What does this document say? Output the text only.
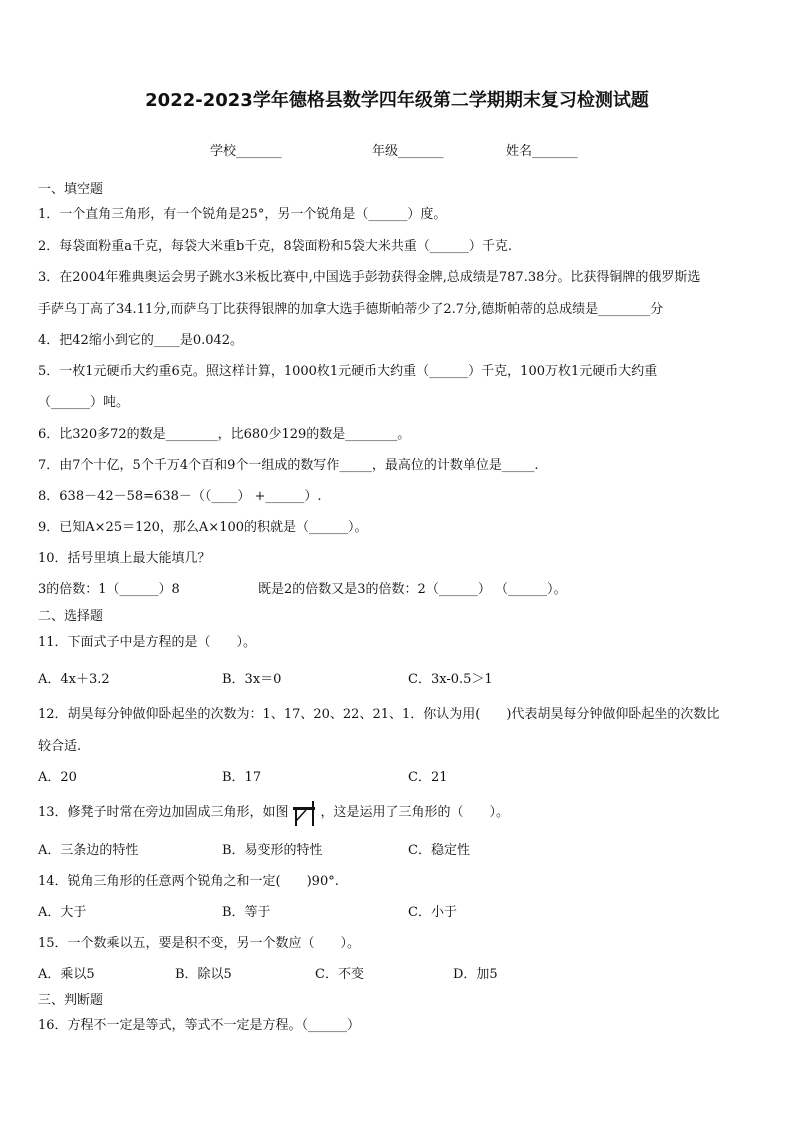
2022-2023学年德格县数学四年级第二学期期末复习检测试题
学校_______	年级_______	姓名_______
一、填空题
1．一个直角三角形，有一个锐角是25°，另一个锐角是（______）度。
2．每袋面粉重a千克，每袋大米重b千克，8袋面粉和5袋大米共重（______）千克.
3．在2004年雅典奥运会男子跳水3米板比赛中,中国选手彭勃获得金牌,总成绩是787.38分。比获得铜牌的俄罗斯选
手萨乌丁高了34.11分,而萨乌丁比获得银牌的加拿大选手德斯帕蒂少了2.7分,德斯帕蒂的总成绩是________分
4．把42缩小到它的____是0.042。
5．一枚1元硬币大约重6克。照这样计算，1000枚1元硬币大约重（______）千克，100万枚1元硬币大约重
（______）吨。
6．比320多72的数是________，比680少129的数是________。
7．由7个十亿，5个千万4个百和9个一组成的数写作_____，最高位的计数单位是_____.
8．638－42－58=638－（（____） +______）.
9．已知A×25＝120，那么A×100的积就是（______）。
10．括号里填上最大能填几？
3的倍数：1（______）8	既是2的倍数又是3的倍数：2（______） （______）。
二、选择题
11．下面式子中是方程的是（　　）。
A．4x＋3.2	B．3x＝0	C．3x-0.5＞1
12．胡昊每分钟做仰卧起坐的次数为：1、17、20、22、21、1．你认为用(　　)代表胡昊每分钟做仰卧起坐的次数比
较合适.
A．20	B．17	C．21
13．修凳子时常在旁边加固成三角形，如图 ，这是运用了三角形的（　　）。
A．三条边的特性	B．易变形的特性	C．稳定性
14．锐角三角形的任意两个锐角之和一定(　　)90°.
A．大于	B．等于	C．小于
15．一个数乘以五，要是积不变，另一个数应（　　）。
A．乘以5	B．除以5	C．不变	D．加5
三、判断题
16．方程不一定是等式，等式不一定是方程。（______）
